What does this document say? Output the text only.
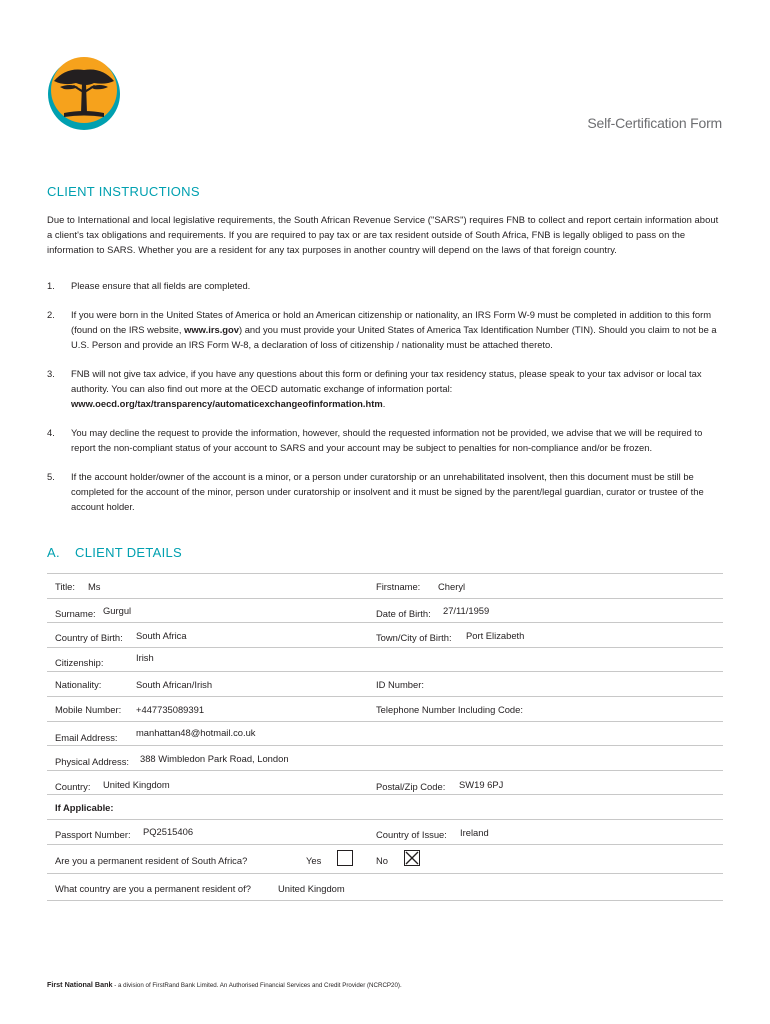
Self-Certification Form
CLIENT INSTRUCTIONS
Due to International and local legislative requirements, the South African Revenue Service ("SARS") requires FNB to collect and report certain information about a client's tax obligations and requirements. If you are required to pay tax or are tax resident outside of South Africa, FNB is legally obliged to pass on the information to SARS. Whether you are a resident for any tax purposes in another country will depend on the laws of that foreign country.
1. Please ensure that all fields are completed.
2. If you were born in the United States of America or hold an American citizenship or nationality, an IRS Form W-9 must be completed in addition to this form (found on the IRS website, www.irs.gov) and you must provide your United States of America Tax Identification Number (TIN). Should you claim to not be a U.S. Person and provide an IRS Form W-8, a declaration of loss of citizenship / nationality must be attached thereto.
3. FNB will not give tax advice, if you have any questions about this form or defining your tax residency status, please speak to your tax advisor or local tax authority. You can also find out more at the OECD automatic exchange of information portal: www.oecd.org/tax/transparency/automaticexchangeofinformation.htm.
4. You may decline the request to provide the information, however, should the requested information not be provided, we advise that we will be required to report the non-compliant status of your account to SARS and your account may be subject to penalties for non-compliance and/or be frozen.
5. If the account holder/owner of the account is a minor, or a person under curatorship or an unrehabilitated insolvent, then this document must be still be completed for the account of the minor, person under curatorship or insolvent and it must be signed by the parent/legal guardian, curator or trustee of the account holder.
A. CLIENT DETAILS
Title: Ms	Firstname: Cheryl
Surname: Gurgul	Date of Birth: 27/11/1959
Country of Birth: South Africa	Town/City of Birth: Port Elizabeth
Citizenship:	Irish
Nationality:	South African/Irish	ID Number:
Mobile Number: +447735089391	Telephone Number Including Code:
Email Address: manhattan48@hotmail.co.uk
Physical Address: 388 Wimbledon Park Road, London
Country: United Kingdom	Postal/Zip Code: SW19 6PJ
If Applicable:
Passport Number: PQ2515406	Country of Issue: Ireland
Are you a permanent resident of South Africa?	Yes	No
What country are you a permanent resident of?	United Kingdom
First National Bank - a division of FirstRand Bank Limited. An Authorised Financial Services and Credit Provider (NCRCP20).
